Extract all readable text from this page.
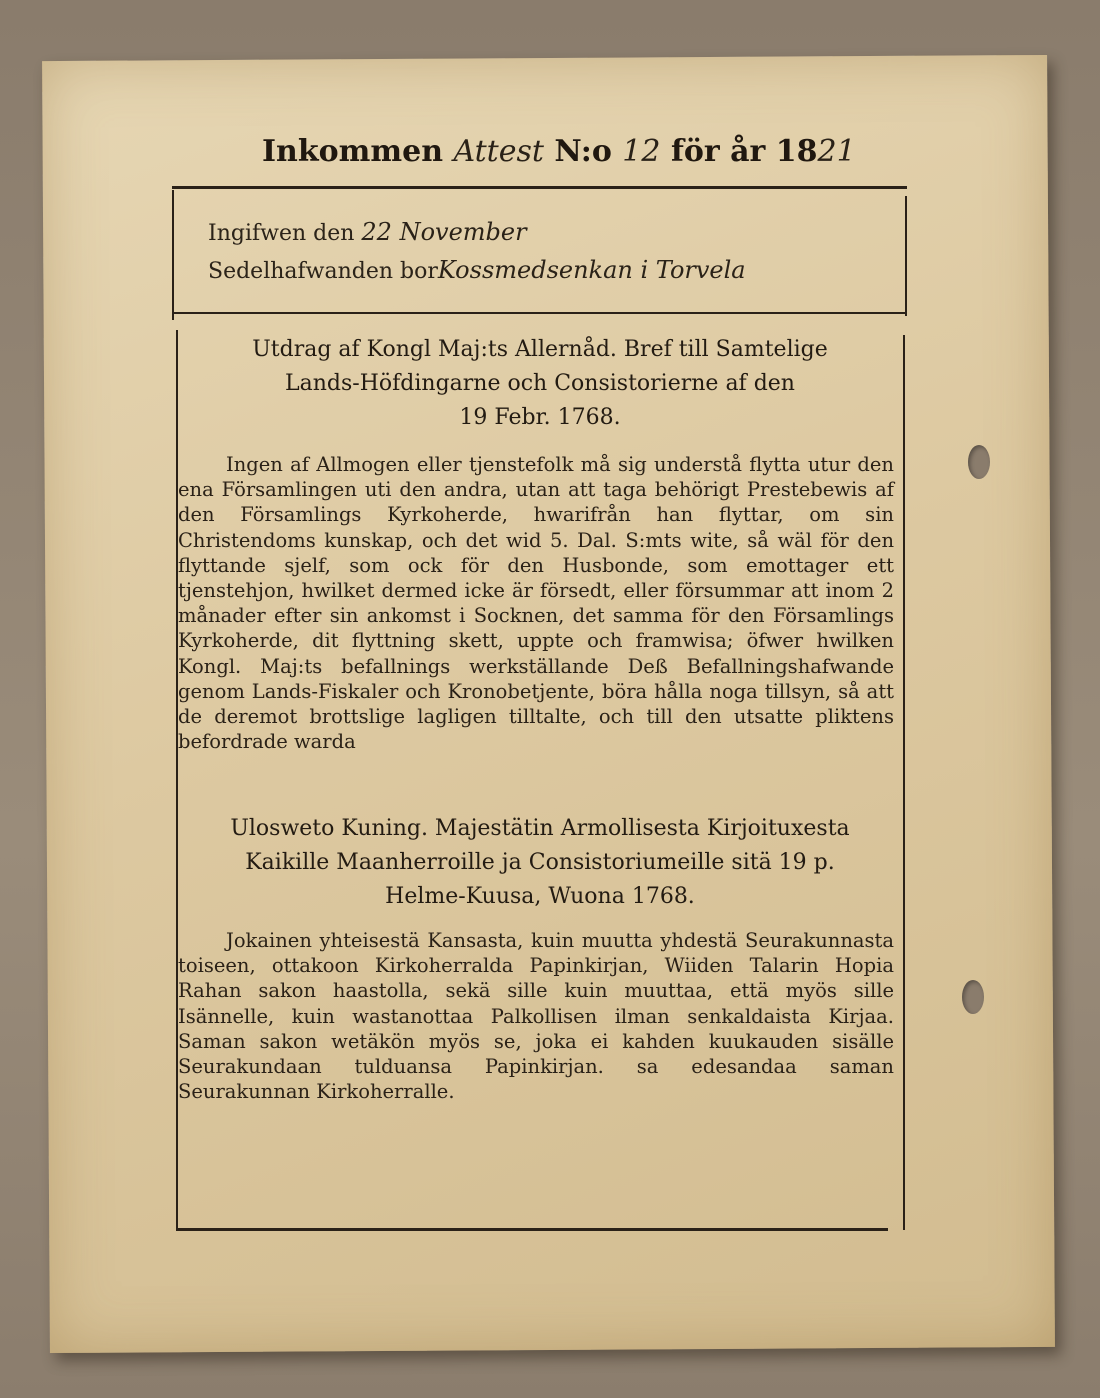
Inkommen Attest N:o 12 för år 1821
Ingifwen den 22 November
Sedelhafwanden borKossmedsenkan i Torvela
Utdrag af Kongl Maj:ts Allernåd. Bref till Samtelige
Lands-Höfdingarne och Consistorierne af den
19 Febr. 1768.

Ingen af Allmogen eller tjenstefolk må sig understå flytta utur den ena Församlingen uti den andra, utan att taga behörigt Prestebewis af den Församlings Kyrkoherde, hwarifrån han flyttar, om sin Christendoms kunskap, och det wid 5. Dal. S:mts wite, så wäl för den flyttande sjelf, som ock för den Husbonde, som emottager ett tjenstehjon, hwilket dermed icke är försedt, eller försummar att inom 2 månader efter sin ankomst i Socknen, det samma för den Församlings Kyrkoherde, dit flyttning skett, uppte och framwisa; öfwer hwilken Kongl. Maj:ts befallnings werkställande Deß Befallningshafwande genom Lands-Fiskaler och Kronobetjente, böra hålla noga tillsyn, så att de deremot brottslige lagligen tilltalte, och till den utsatte pliktens befordrade warda

Ulosweto Kuning. Majestätin Armollisesta Kirjoituxesta
Kaikille Maanherroille ja Consistoriumeille sitä 19 p.
Helme-Kuusa, Wuona 1768.

Jokainen yhteisestä Kansasta, kuin muutta yhdestä Seurakunnasta toiseen, ottakoon Kirkoherralda Papinkirjan, Wiiden Talarin Hopia Rahan sakon haastolla, sekä sille kuin muuttaa, että myös sille Isännelle, kuin wastanottaa Palkollisen ilman senkaldaista Kirjaa. Saman sakon wetäkön myös se, joka ei kahden kuukauden sisälle Seurakundaan tulduansa Papinkirjan. sa edesandaa saman Seurakunnan Kirkoherralle.
